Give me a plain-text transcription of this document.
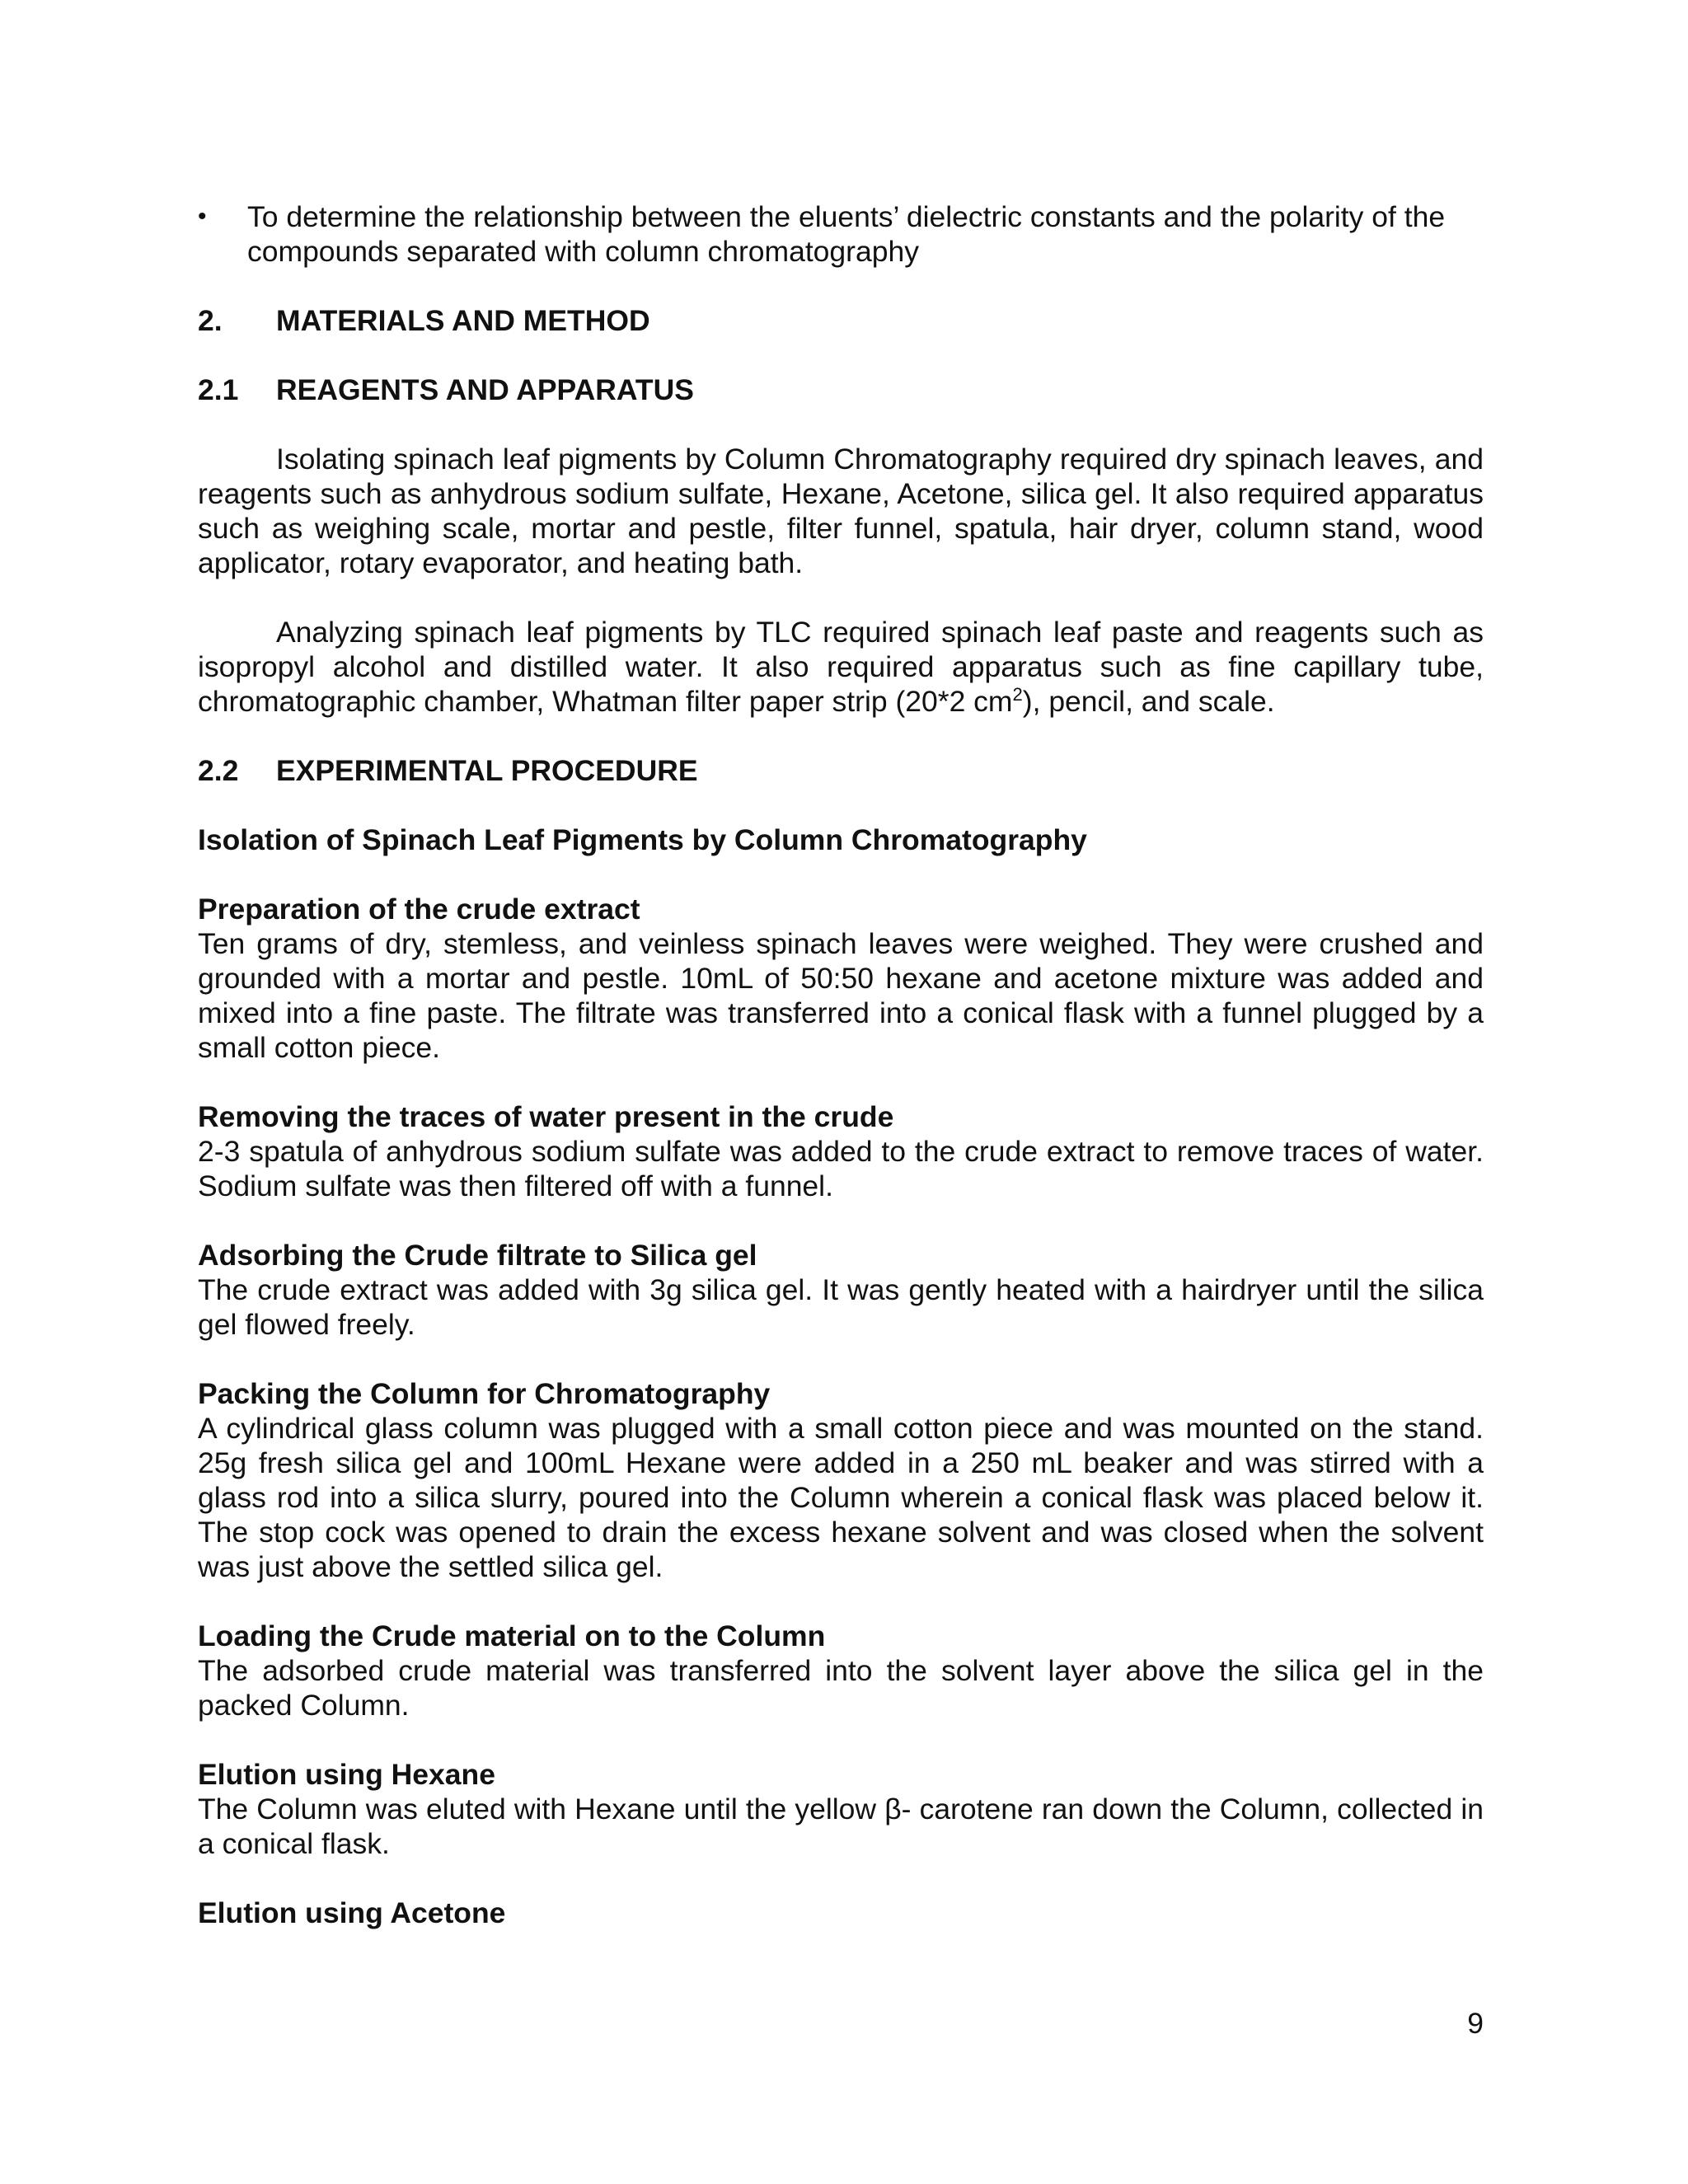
•	To determine the relationship between the eluents’ dielectric constants and the polarity of the compounds separated with column chromatography
2.	MATERIALS AND METHOD
2.1	REAGENTS AND APPARATUS

Isolating spinach leaf pigments by Column Chromatography required dry spinach leaves, and reagents such as anhydrous sodium sulfate, Hexane, Acetone, silica gel. It also required apparatus such as weighing scale, mortar and pestle, filter funnel, spatula, hair dryer, column stand, wood applicator, rotary evaporator, and heating bath.

Analyzing spinach leaf pigments by TLC required spinach leaf paste and reagents such as isopropyl alcohol and distilled water. It also required apparatus such as fine capillary tube, chromatographic chamber, Whatman filter paper strip (20*2 $cm^2$), pencil, and scale.

2.2	EXPERIMENTAL PROCEDURE
Isolation of Spinach Leaf Pigments by Column Chromatography
Preparation of the crude extract
Ten grams of dry, stemless, and veinless spinach leaves were weighed. They were crushed and grounded with a mortar and pestle. 10mL of 50:50 hexane and acetone mixture was added and mixed into a fine paste. The filtrate was transferred into a conical flask with a funnel plugged by a small cotton piece.
Removing the traces of water present in the crude
2-3 spatula of anhydrous sodium sulfate was added to the crude extract to remove traces of water. Sodium sulfate was then filtered off with a funnel.
Adsorbing the Crude filtrate to Silica gel
The crude extract was added with 3g silica gel. It was gently heated with a hairdryer until the silica gel flowed freely.
Packing the Column for Chromatography
A cylindrical glass column was plugged with a small cotton piece and was mounted on the stand. 25g fresh silica gel and 100mL Hexane were added in a 250 mL beaker and was stirred with a glass rod into a silica slurry, poured into the Column wherein a conical flask was placed below it. The stop cock was opened to drain the excess hexane solvent and was closed when the solvent was just above the settled silica gel.
Loading the Crude material on to the Column
The adsorbed crude material was transferred into the solvent layer above the silica gel in the packed Column.
Elution using Hexane
The Column was eluted with Hexane until the yellow β- carotene ran down the Column, collected in a conical flask.
Elution using Acetone
9
